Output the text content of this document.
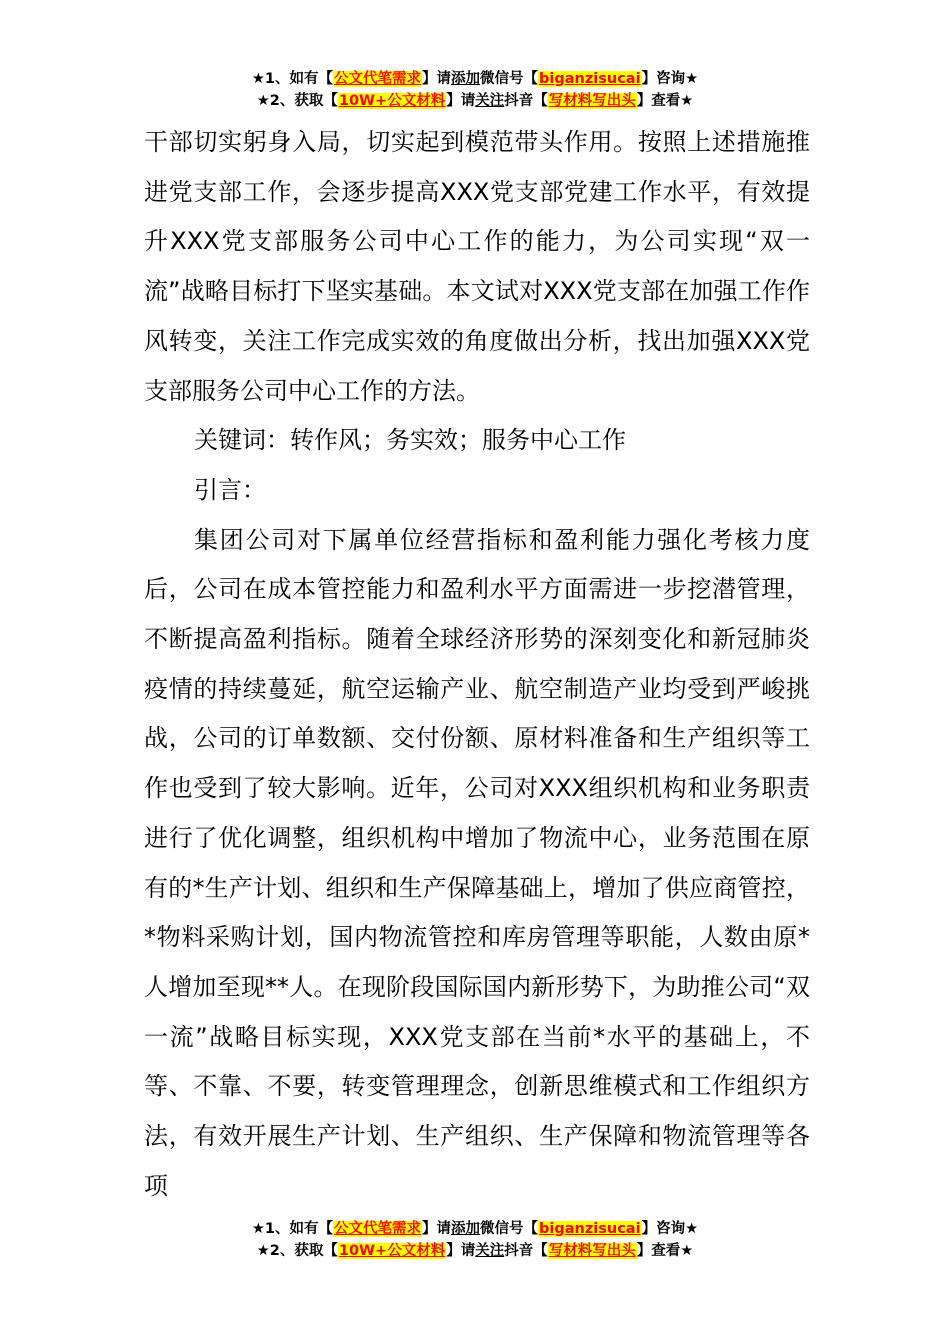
★1、如有【公文代笔需求】请添加微信号【biganzisucai】咨询★
★2、获取【10W+公文材料】请关注抖音【写材料写出头】查看★

干部切实躬身入局，切实起到模范带头作用。按照上述措施推进党支部工作，会逐步提高XXX党支部党建工作水平，有效提升XXX党支部服务公司中心工作的能力，为公司实现“双一流”战略目标打下坚实基础。本文试对XXX党支部在加强工作作风转变，关注工作完成实效的角度做出分析，找出加强XXX党支部服务公司中心工作的方法。

关键词：转作风；务实效；服务中心工作

引言：

集团公司对下属单位经营指标和盈利能力强化考核力度后，公司在成本管控能力和盈利水平方面需进一步挖潜管理，不断提高盈利指标。随着全球经济形势的深刻变化和新冠肺炎疫情的持续蔓延，航空运输产业、航空制造产业均受到严峻挑战，公司的订单数额、交付份额、原材料准备和生产组织等工作也受到了较大影响。近年，公司对XXX组织机构和业务职责进行了优化调整，组织机构中增加了物流中心，业务范围在原有的*生产计划、组织和生产保障基础上，增加了供应商管控，*物料采购计划，国内物流管控和库房管理等职能，人数由原*人增加至现**人。在现阶段国际国内新形势下，为助推公司“双一流”战略目标实现，XXX党支部在当前*水平的基础上，不等、不靠、不要，转变管理理念，创新思维模式和工作组织方法，有效开展生产计划、生产组织、生产保障和物流管理等各项

★1、如有【公文代笔需求】请添加微信号【biganzisucai】咨询★
★2、获取【10W+公文材料】请关注抖音【写材料写出头】查看★
